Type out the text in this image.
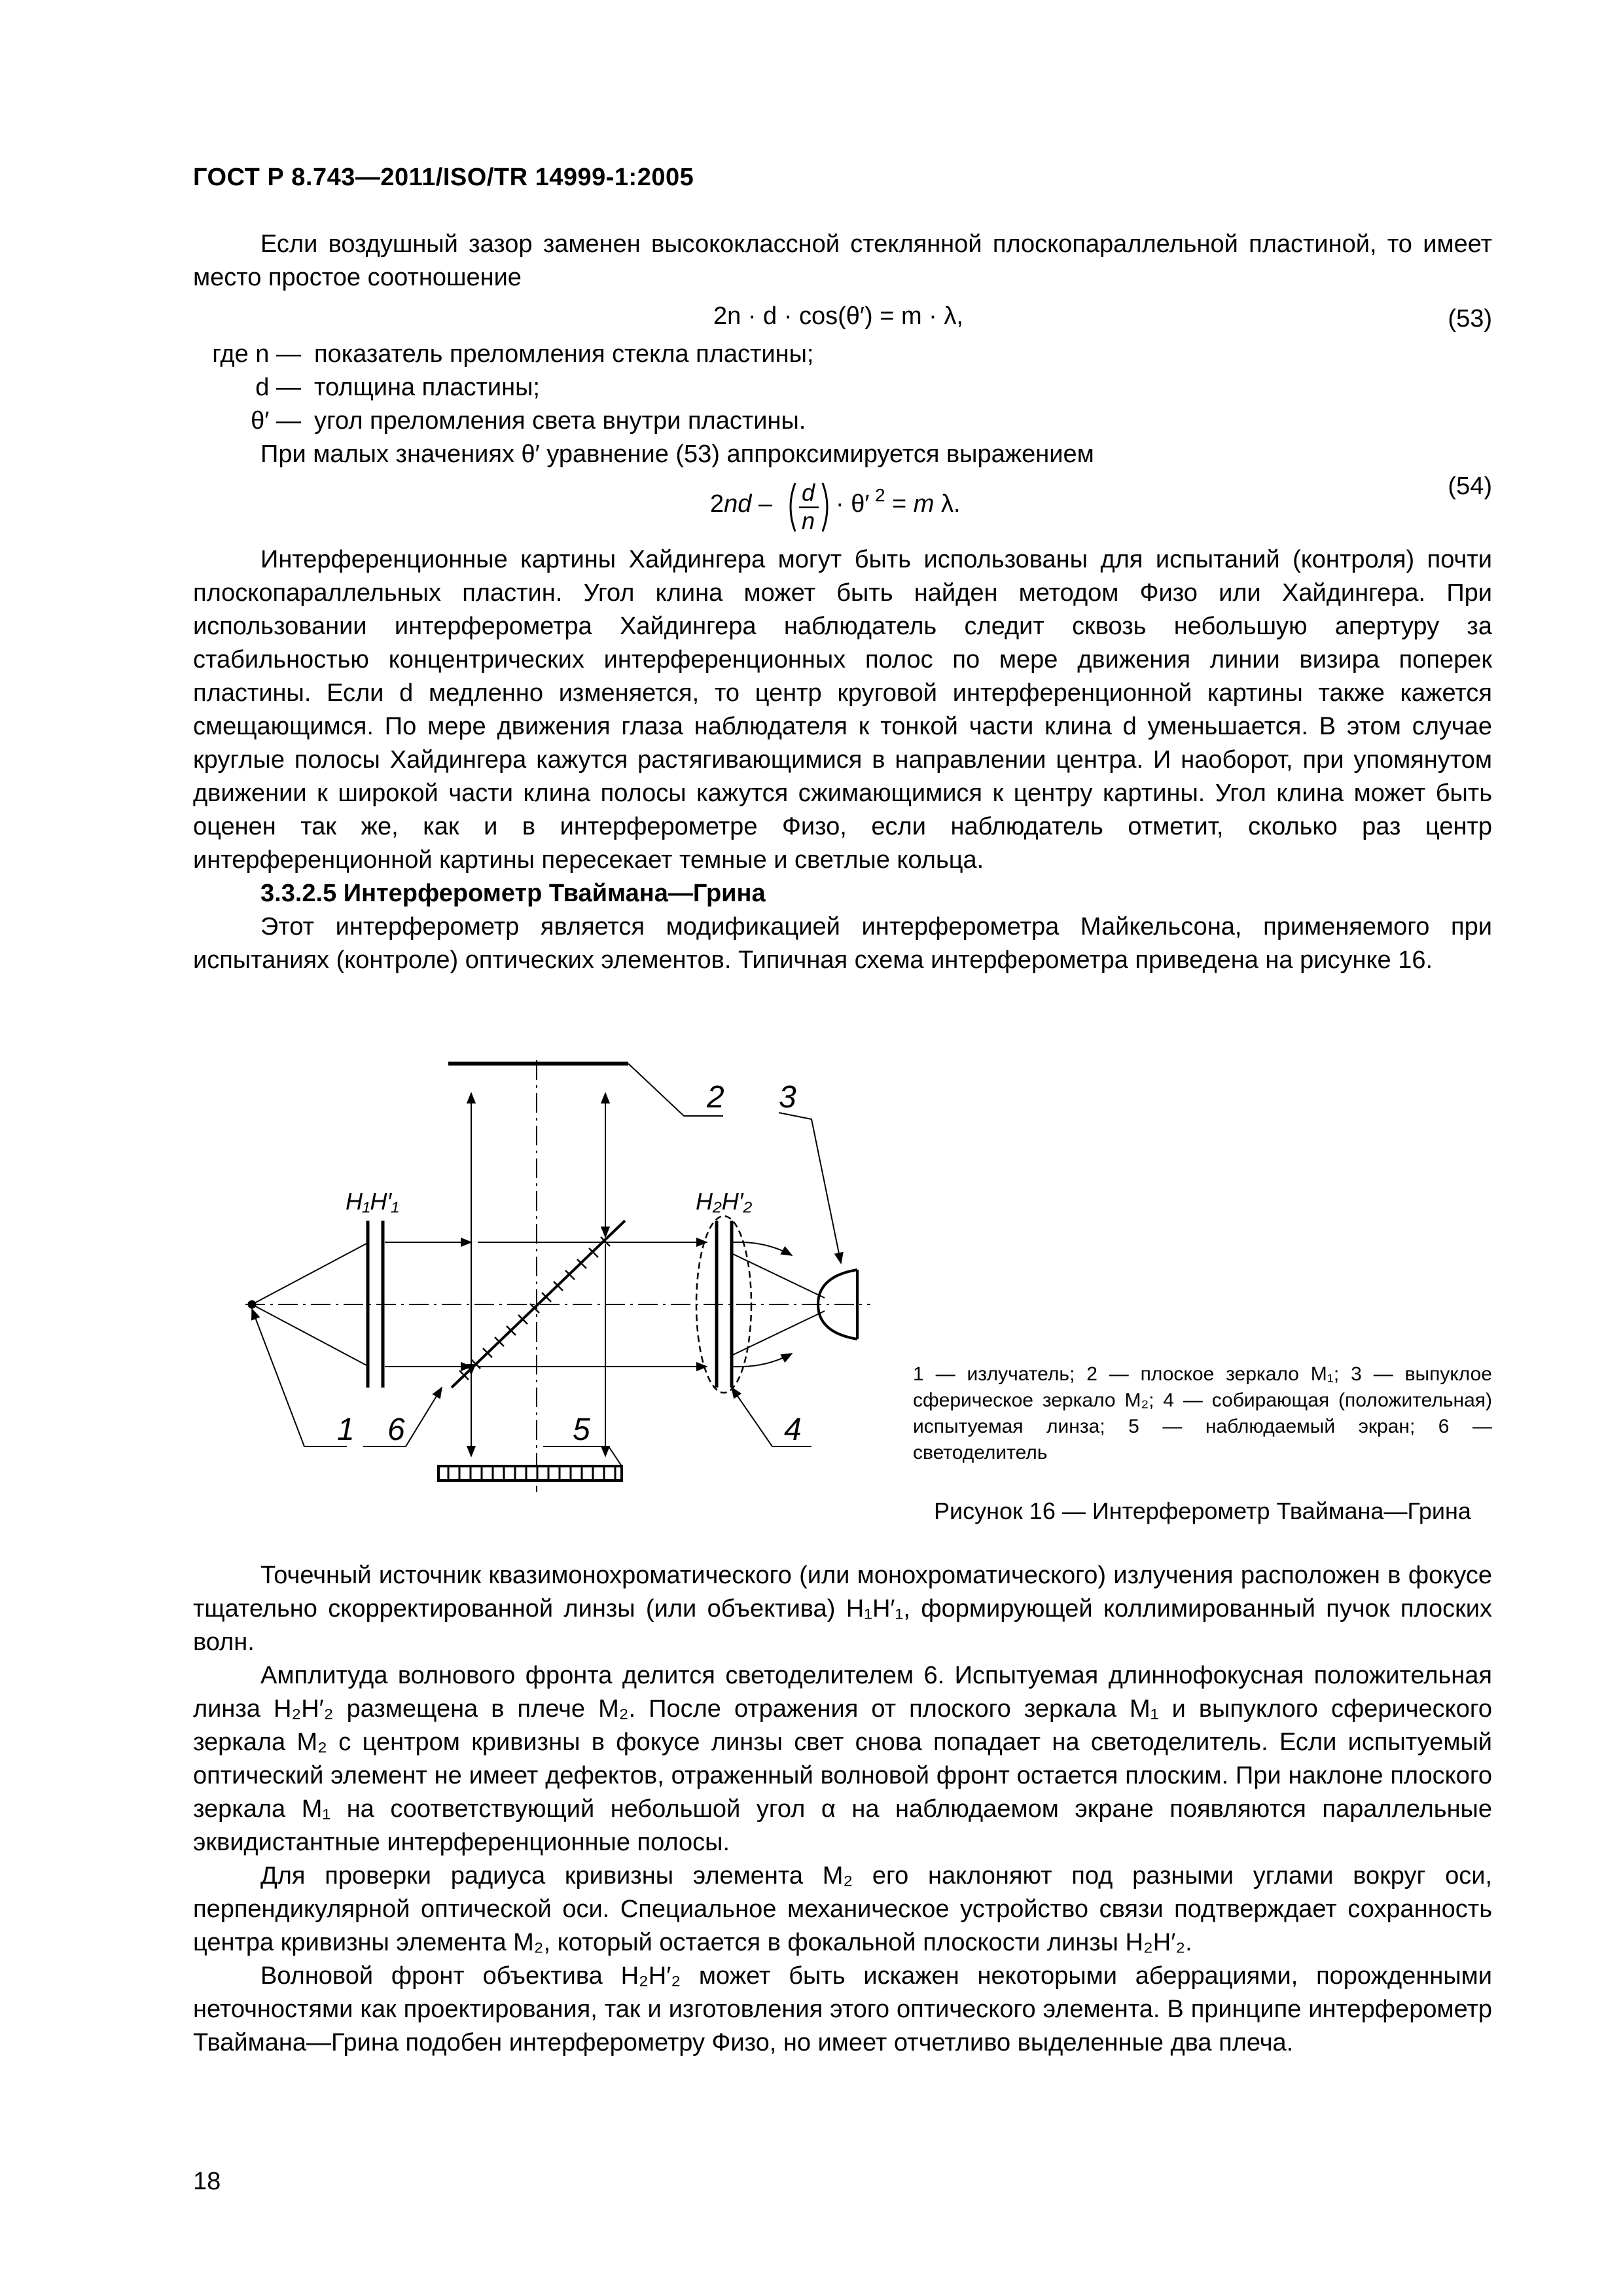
ГОСТ Р 8.743—2011/ISO/TR 14999-1:2005

Если воздушный зазор заменен высококлассной стеклянной плоскопараллельной пластиной, то имеет место простое соотношение

2n · d · cos(θ′) = m · λ,	(53)
где n — показатель преломления стекла пластины;
d — толщина пластины;
θ′ — угол преломления света внутри пластины.

При малых значениях θ′ уравнение (53) аппроксимируется выражением

2nd – d
n
· θ′ 2 = m λ.
(54)

Интерференционные картины Хайдингера могут быть использованы для испытаний (контроля) почти плоскопараллельных пластин. Угол клина может быть найден методом Физо или Хайдингера. При использовании интерферометра Хайдингера наблюдатель следит сквозь небольшую апертуру за стабильностью концентрических интерференционных полос по мере движения линии визира поперек пластины. Если d медленно изменяется, то центр круговой интерференционной картины также кажется смещающимся. По мере движения глаза наблюдателя к тонкой части клина d уменьшается. В этом случае круглые полосы Хайдингера кажутся растягивающимися в направлении центра. И наоборот, при упомянутом движении к широкой части клина полосы кажутся сжимающимися к центру картины. Угол клина может быть оценен так же, как и в интерферометре Физо, если наблюдатель отметит, сколько раз центр интерференционной картины пересекает темные и светлые кольца.

3.3.2.5 Интерферометр Тваймана—Грина

Этот интерферометр является модификацией интерферометра Майкельсона, применяемого при испытаниях (контроле) оптических элементов. Типичная схема интерферометра приведена на рисунке 16.

2 3
1 6	5	4
H₁H′₁	H₂H′₂
1 — излучатель; 2 — плоское зеркало M₁; 3 — выпуклое сферическое зеркало M₂; 4 — собирающая (положительная) испытуемая линза; 5 — наблюдаемый экран; 6 — светоделитель
Рисунок 16 — Интерферометр Тваймана—Грина

Точечный источник квазимонохроматического (или монохроматического) излучения расположен в фокусе тщательно скорректированной линзы (или объектива) H₁H′₁, формирующей коллимированный пучок плоских волн.

Амплитуда волнового фронта делится светоделителем 6. Испытуемая длиннофокусная положительная линза H₂H′₂ размещена в плече M₂. После отражения от плоского зеркала M₁ и выпуклого сферического зеркала M₂ с центром кривизны в фокусе линзы свет снова попадает на светоделитель. Если испытуемый оптический элемент не имеет дефектов, отраженный волновой фронт остается плоским. При наклоне плоского зеркала M₁ на соответствующий небольшой угол α на наблюдаемом экране появляются параллельные эквидистантные интерференционные полосы.

Для проверки радиуса кривизны элемента M₂ его наклоняют под разными углами вокруг оси, перпендикулярной оптической оси. Специальное механическое устройство связи подтверждает сохранность центра кривизны элемента M₂, который остается в фокальной плоскости линзы H₂H′₂.

Волновой фронт объектива H₂H′₂ может быть искажен некоторыми аберрациями, порожденными неточностями как проектирования, так и изготовления этого оптического элемента. В принципе интерферометр Тваймана—Грина подобен интерферометру Физо, но имеет отчетливо выделенные два плеча.

18
